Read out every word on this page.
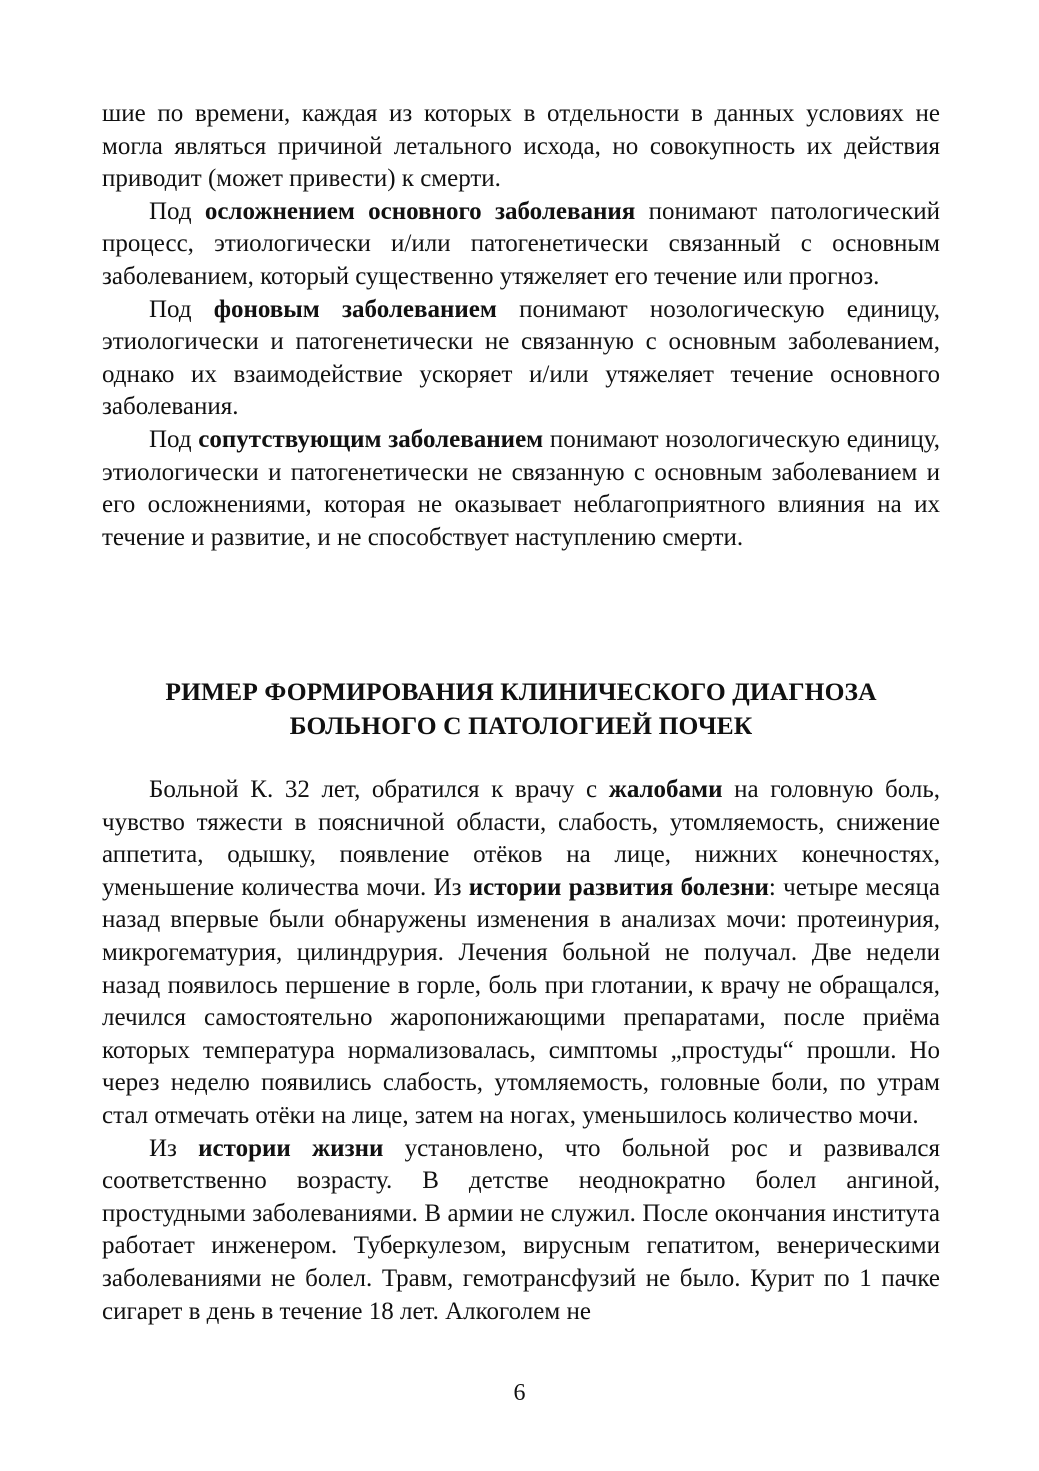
шие по времени, каждая из которых в отдельности в данных условиях не могла являться причиной летального исхода, но совокупность их действия приводит (может привести) к смерти.

Под осложнением основного заболевания понимают патологический процесс, этиологически и/или патогенетически связанный с основным заболеванием, который существенно утяжеляет его течение или прогноз.

Под фоновым заболеванием понимают нозологическую единицу, этиологически и патогенетически не связанную с основным заболеванием, однако их взаимодействие ускоряет и/или утяжеляет течение основного заболевания.

Под сопутствующим заболеванием понимают нозологическую единицу, этиологически и патогенетически не связанную с основным заболеванием и его осложнениями, которая не оказывает неблагоприятного влияния на их течение и развитие, и не способствует наступлению смерти.

РИМЕР ФОРМИРОВАНИЯ КЛИНИЧЕСКОГО ДИАГНОЗА

БОЛЬНОГО С ПАТОЛОГИЕЙ ПОЧЕК

Больной К. 32 лет, обратился к врачу с жалобами на головную боль, чувство тяжести в поясничной области, слабость, утомляемость, снижение аппетита, одышку, появление отёков на лице, нижних конечностях, уменьшение количества мочи. Из истории развития болезни: четыре месяца назад впервые были обнаружены изменения в анализах мочи: протеинурия, микрогематурия, цилиндрурия. Лечения больной не получал. Две недели назад появилось першение в горле, боль при глотании, к врачу не обращался, лечился самостоятельно жаропонижающими препаратами, после приёма которых температура нормализовалась, симптомы „простуды“ прошли. Но через неделю появились слабость, утомляемость, головные боли, по утрам стал отмечать отёки на лице, затем на ногах, уменьшилось количество мочи.

Из истории жизни установлено, что больной рос и развивался соответственно возрасту. В детстве неоднократно болел ангиной, простудными заболеваниями. В армии не служил. После окончания института работает инженером. Туберкулезом, вирусным гепатитом, венерическими заболеваниями не болел. Травм, гемотрансфузий не было. Курит по 1 пачке сигарет в день в течение 18 лет. Алкоголем не

6
